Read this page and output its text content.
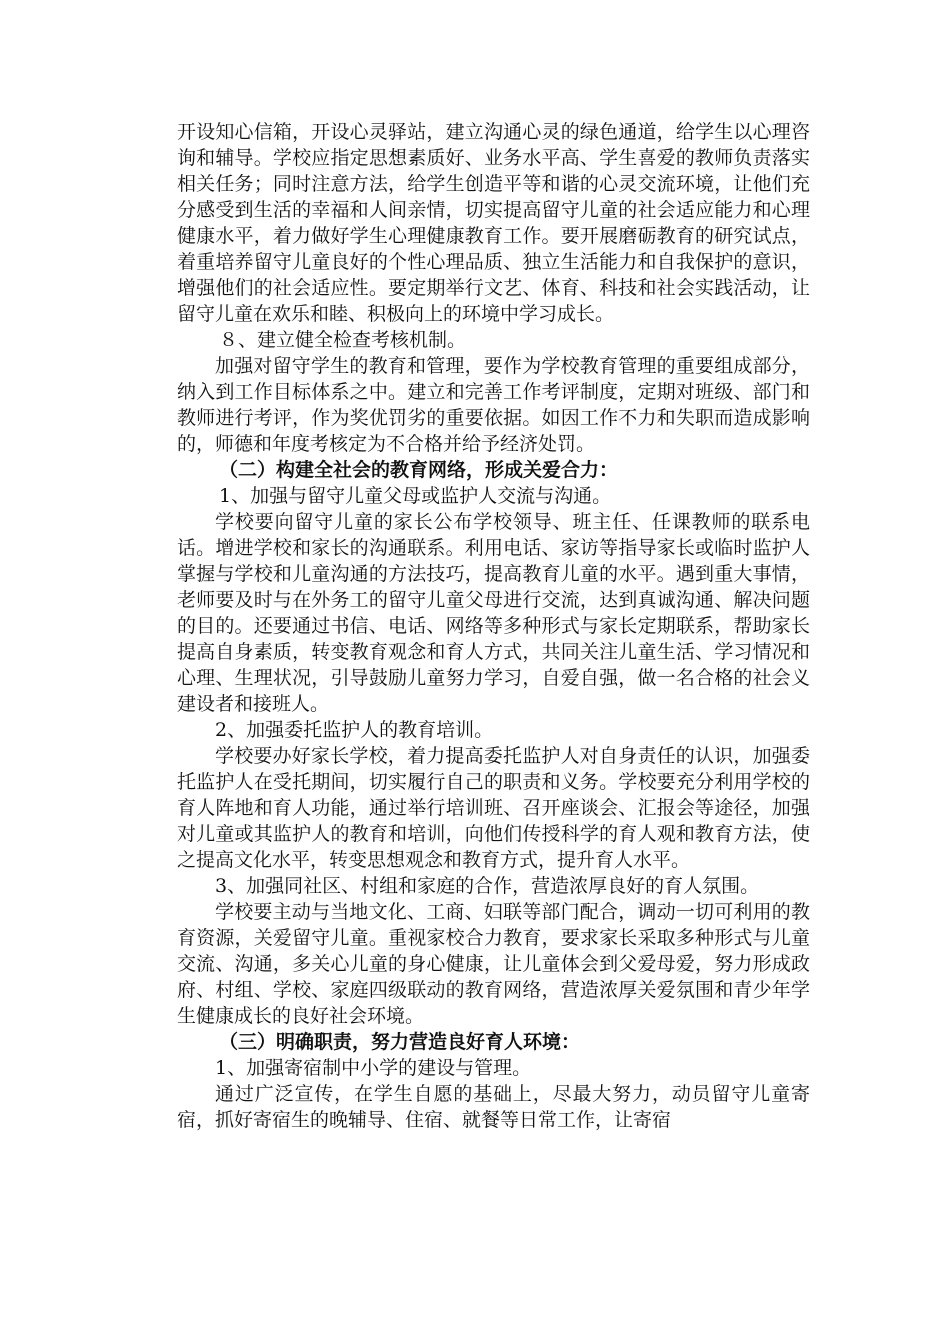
开设知心信箱，开设心灵驿站，建立沟通心灵的绿色通道，给学生以心理咨询和辅导。学校应指定思想素质好、业务水平高、学生喜爱的教师负责落实相关任务；同时注意方法，给学生创造平等和谐的心灵交流环境，让他们充分感受到生活的幸福和人间亲情，切实提高留守儿童的社会适应能力和心理健康水平，着力做好学生心理健康教育工作。要开展磨砺教育的研究试点，着重培养留守儿童良好的个性心理品质、独立生活能力和自我保护的意识，增强他们的社会适应性。要定期举行文艺、体育、科技和社会实践活动，让留守儿童在欢乐和睦、积极向上的环境中学习成长。

８、建立健全检查考核机制。

加强对留守学生的教育和管理，要作为学校教育管理的重要组成部分，纳入到工作目标体系之中。建立和完善工作考评制度，定期对班级、部门和教师进行考评，作为奖优罚劣的重要依据。如因工作不力和失职而造成影响的，师德和年度考核定为不合格并给予经济处罚。

（二）构建全社会的教育网络，形成关爱合力：

1、加强与留守儿童父母或监护人交流与沟通。

学校要向留守儿童的家长公布学校领导、班主任、任课教师的联系电话。增进学校和家长的沟通联系。利用电话、家访等指导家长或临时监护人掌握与学校和儿童沟通的方法技巧，提高教育儿童的水平。遇到重大事情，老师要及时与在外务工的留守儿童父母进行交流，达到真诚沟通、解决问题的目的。还要通过书信、电话、网络等多种形式与家长定期联系，帮助家长提高自身素质，转变教育观念和育人方式，共同关注儿童生活、学习情况和心理、生理状况，引导鼓励儿童努力学习，自爱自强，做一名合格的社会义建设者和接班人。

2、加强委托监护人的教育培训。

学校要办好家长学校，着力提高委托监护人对自身责任的认识，加强委托监护人在受托期间，切实履行自己的职责和义务。学校要充分利用学校的育人阵地和育人功能，通过举行培训班、召开座谈会、汇报会等途径，加强对儿童或其监护人的教育和培训，向他们传授科学的育人观和教育方法，使之提高文化水平，转变思想观念和教育方式，提升育人水平。

3、加强同社区、村组和家庭的合作，营造浓厚良好的育人氛围。

学校要主动与当地文化、工商、妇联等部门配合，调动一切可利用的教育资源，关爱留守儿童。重视家校合力教育，要求家长采取多种形式与儿童交流、沟通，多关心儿童的身心健康，让儿童体会到父爱母爱，努力形成政府、村组、学校、家庭四级联动的教育网络，营造浓厚关爱氛围和青少年学生健康成长的良好社会环境。

（三）明确职责，努力营造良好育人环境：

1、加强寄宿制中小学的建设与管理。

通过广泛宣传，在学生自愿的基础上，尽最大努力，动员留守儿童寄宿，抓好寄宿生的晚辅导、住宿、就餐等日常工作，让寄宿
